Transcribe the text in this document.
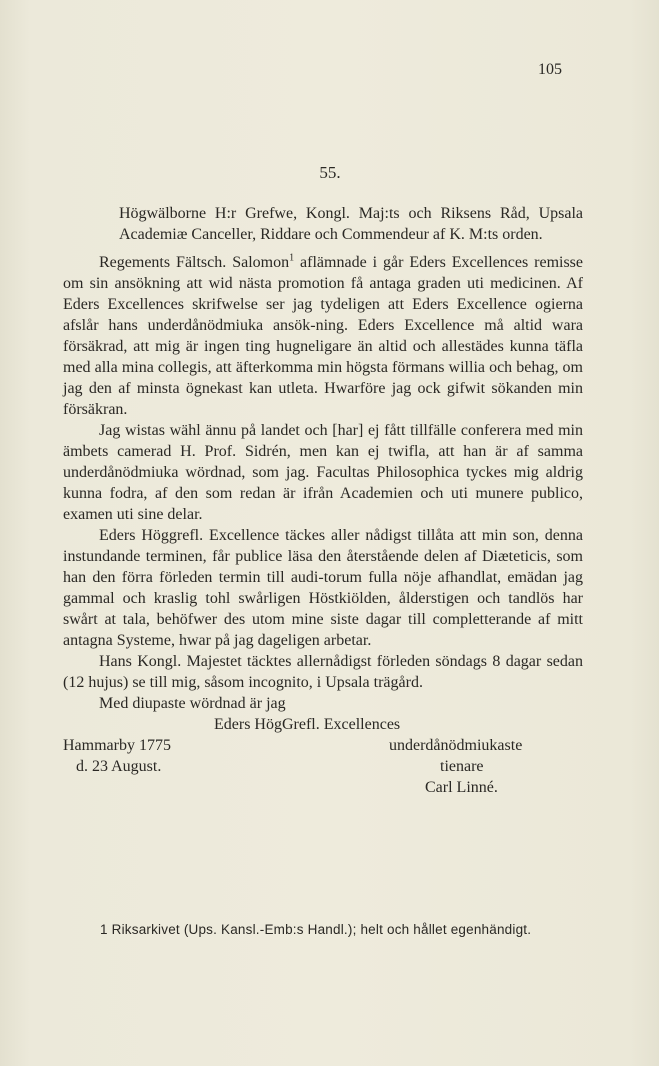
105
55.

Högwälborne H:r Grefwe, Kongl. Maj:ts och Riksens Råd, Upsala Academiæ Canceller, Riddare och Commendeur af K. M:ts orden.

Regements Fältsch. Salomon$^1$ aflämnade i går Eders Excellences remisse om sin ansökning att wid nästa promotion få antaga graden uti medicinen. Af Eders Excellences skrifwelse ser jag tydeligen att Eders Excellence ogierna afslår hans underdånödmiuka ansök-ning. Eders Excellence må altid wara försäkrad, att mig är ingen ting hugneligare än altid och allestädes kunna täfla med alla mina collegis, att äfterkomma min högsta förmans willia och behag, om jag den af minsta ögnekast kan utleta. Hwarföre jag ock gifwit sökanden min försäkran.

Jag wistas wähl ännu på landet och [har] ej fått tillfälle conferera med min ämbets camerad H. Prof. Sidrén, men kan ej twifla, att han är af samma underdånödmiuka wördnad, som jag. Facultas Philosophica tyckes mig aldrig kunna fodra, af den som redan är ifrån Academien och uti munere publico, examen uti sine delar.

Eders Höggrefl. Excellence täckes aller nådigst tillåta att min son, denna instundande terminen, får publice läsa den återstående delen af Diæteticis, som han den förra förleden termin till audi-torum fulla nöje afhandlat, emädan jag gammal och kraslig tohl swårligen Höstkiölden, ålderstigen och tandlös har swårt at tala, behöfwer des utom mine siste dagar till completterande af mitt antagna Systeme, hwar på jag dageligen arbetar.

Hans Kongl. Majestet täcktes allernådigst förleden söndags 8 dagar sedan (12 hujus) se till mig, såsom incognito, i Upsala trägård.

Med diupaste wördnad är jag

Eders HögGrefl. Excellences
Hammarby 1775	underdånödmiukaste
d. 23 August.	tienare
Carl Linné.
1 Riksarkivet (Ups. Kansl.-Emb:s Handl.); helt och hållet egenhändigt.
